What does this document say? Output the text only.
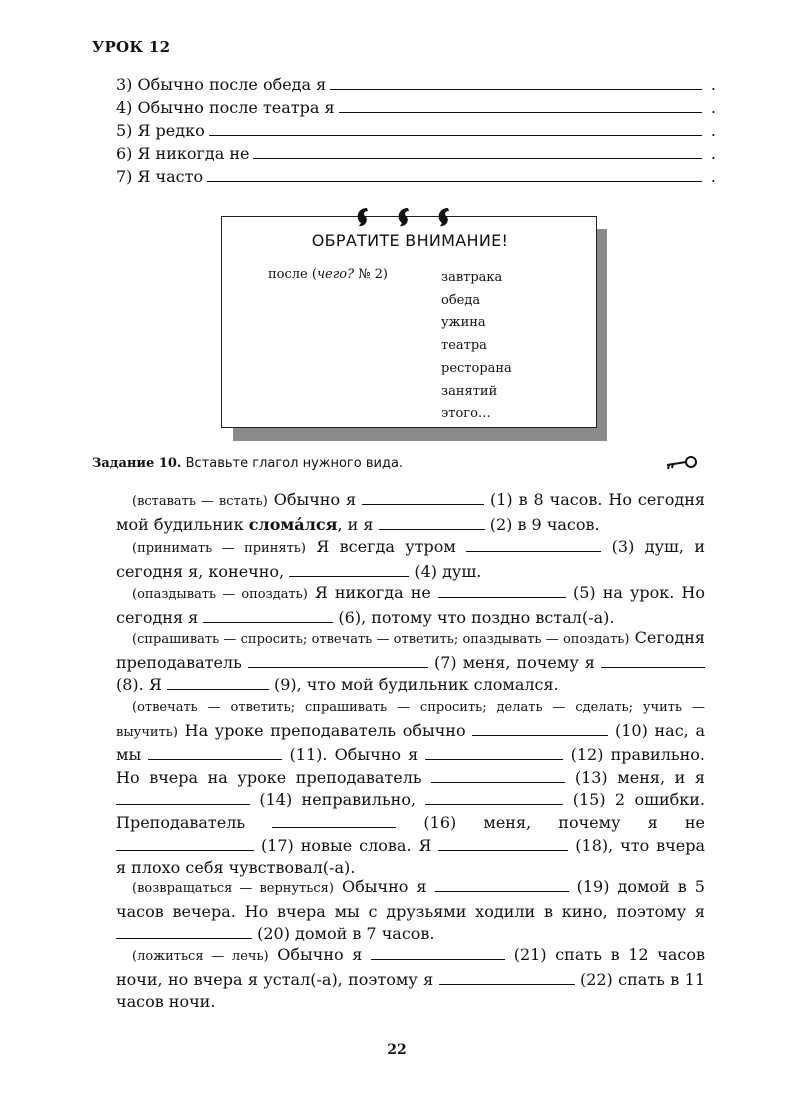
УРОК 12
3) Обычно после обеда я	.
4) Обычно после театра я	.
5) Я редко	.
6) Я никогда не	.
7) Я часто	.
ОБРАТИТЕ ВНИМАНИЕ!
после (чего? № 2)	завтрака
обеда
ужина
театра
ресторана
занятий
этого…
Задание 10. Вставьте глагол нужного вида.
(вставать — встать) Обычно я	(1) в 8 часов. Но сегодня мой будильник сломáлся, и я	(2) в 9 часов.
(принимать — принять) Я всегда утром	(3) душ, и сегодня я, конечно,	(4) душ.
(опаздывать — опоздать) Я никогда не	(5) на урок. Но сегодня я	(6), потому что поздно встал(-а).
(спрашивать — спросить; отвечать — ответить; опаздывать — опоздать) Сегодня преподаватель	(7) меня, почему я  (8). Я	(9), что мой будильник сломался.
(отвечать — ответить; спрашивать — спросить; делать — сделать; учить — выучить) На уроке преподаватель обычно	(10) нас, а мы	(11). Обычно я	(12) правильно. Но вчера на уроке преподаватель	(13) меня, и я  (14) неправильно,	(15) 2 ошибки. Преподаватель	(16) меня, почему я не  (17) новые слова. Я	(18), что вчера я плохо себя чувствовал(-а).
(возвращаться — вернуться) Обычно я	(19) домой в 5 часов вечера. Но вчера мы с друзьями ходили в кино, поэтому я  (20) домой в 7 часов.
(ложиться — лечь) Обычно я	(21) спать в 12 часов ночи, но вчера я устал(-а), поэтому я	(22) спать в 11 часов ночи.
22
